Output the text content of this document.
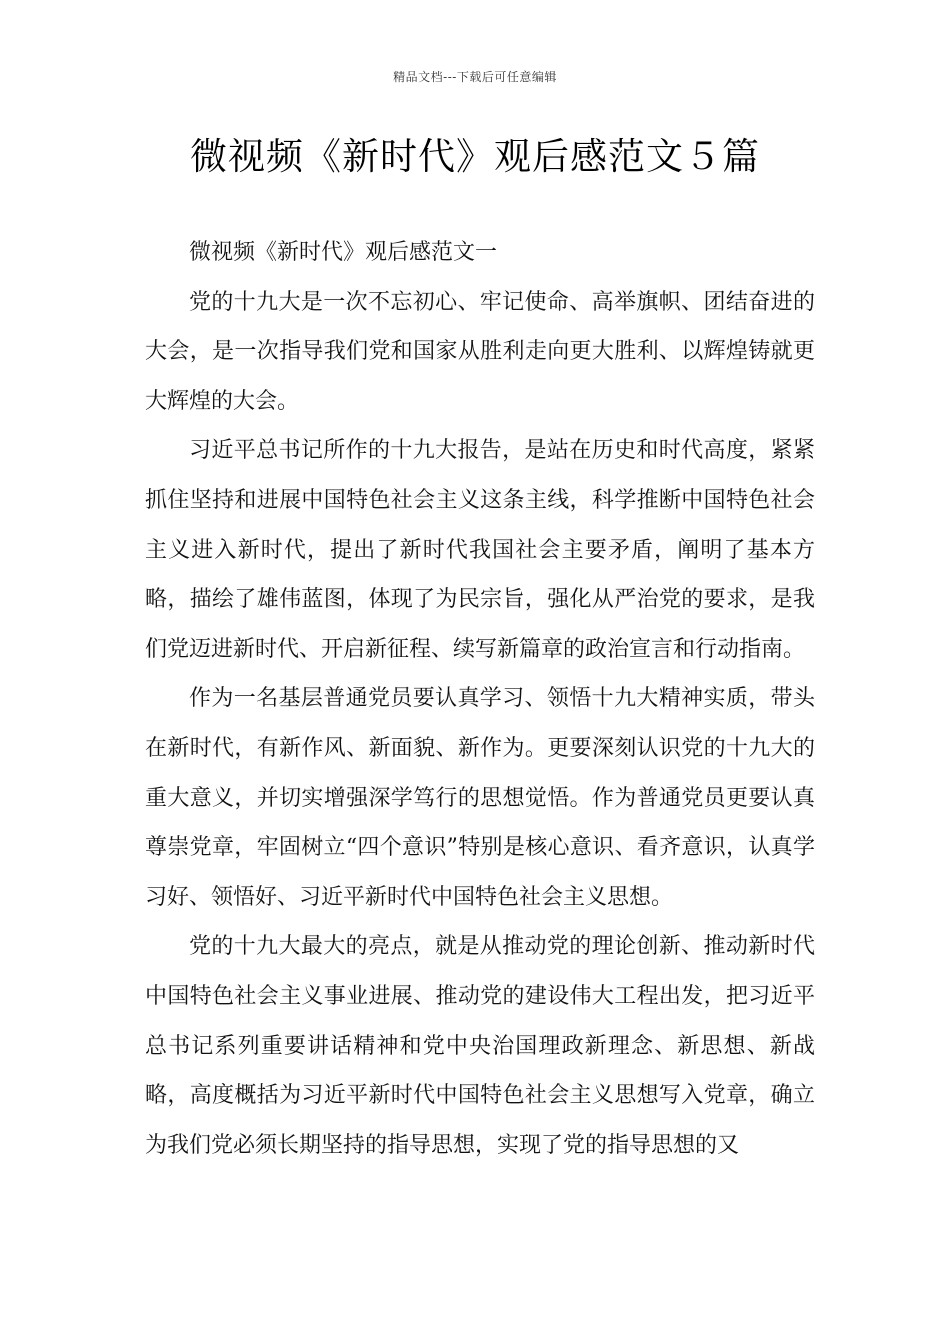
精品文档---下载后可任意编辑
微视频《新时代》观后感范文５篇

微视频《新时代》观后感范文一

党的十九大是一次不忘初心、牢记使命、高举旗帜、团结奋进的大会，是一次指导我们党和国家从胜利走向更大胜利、以辉煌铸就更大辉煌的大会。

习近平总书记所作的十九大报告，是站在历史和时代高度，紧紧抓住坚持和进展中国特色社会主义这条主线，科学推断中国特色社会主义进入新时代，提出了新时代我国社会主要矛盾，阐明了基本方略，描绘了雄伟蓝图，体现了为民宗旨，强化从严治党的要求，是我们党迈进新时代、开启新征程、续写新篇章的政治宣言和行动指南。

作为一名基层普通党员要认真学习、领悟十九大精神实质，带头在新时代，有新作风、新面貌、新作为。更要深刻认识党的十九大的重大意义，并切实增强深学笃行的思想觉悟。作为普通党员更要认真尊崇党章，牢固树立“四个意识”特别是核心意识、看齐意识，认真学习好、领悟好、习近平新时代中国特色社会主义思想。

党的十九大最大的亮点，就是从推动党的理论创新、推动新时代中国特色社会主义事业进展、推动党的建设伟大工程出发，把习近平总书记系列重要讲话精神和党中央治国理政新理念、新思想、新战略，高度概括为习近平新时代中国特色社会主义思想写入党章，确立为我们党必须长期坚持的指导思想，实现了党的指导思想的又
